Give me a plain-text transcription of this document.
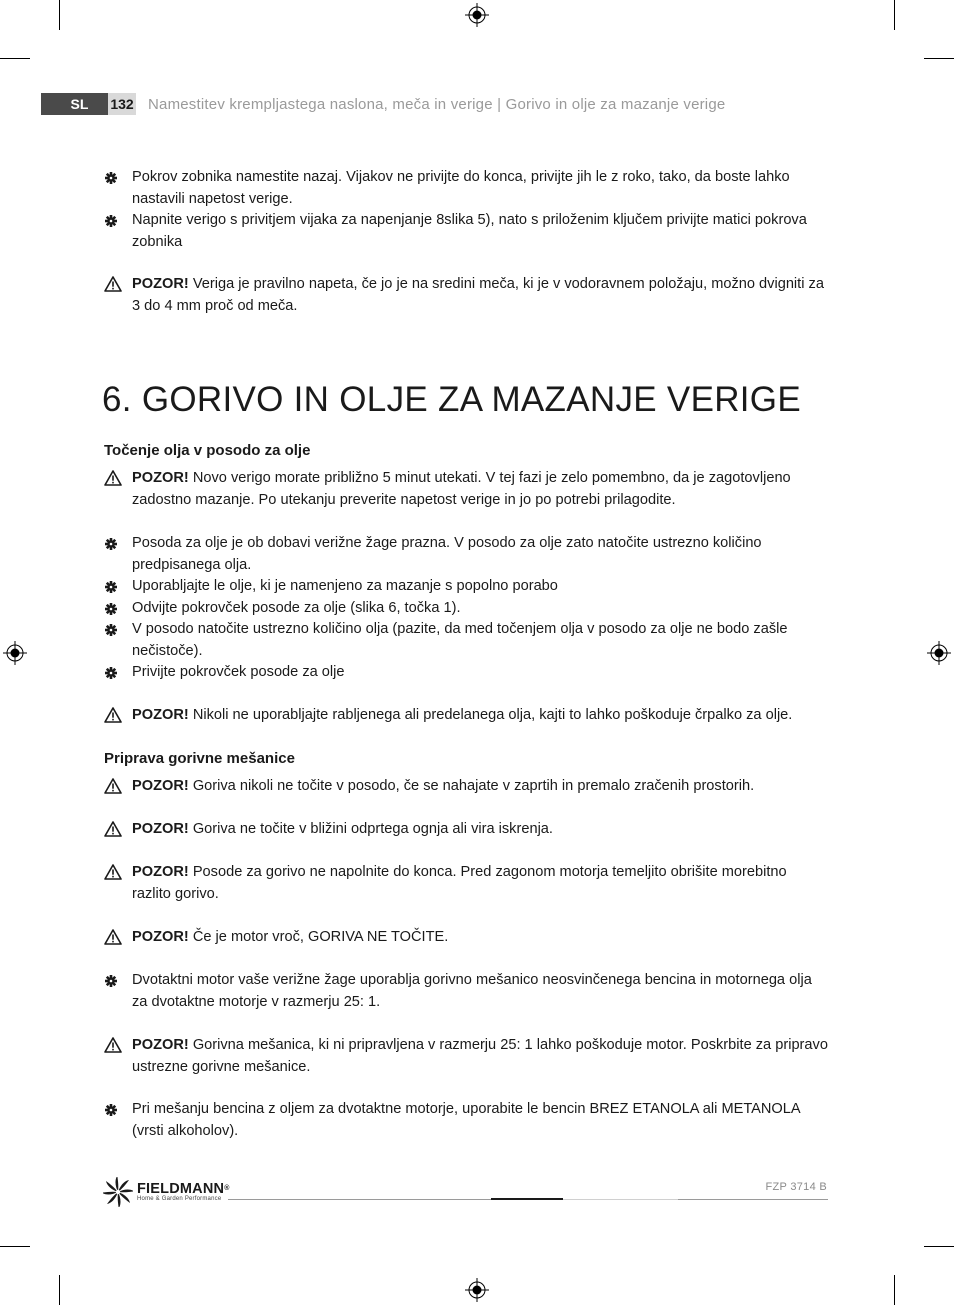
SL	132 Namestitev krempljastega naslona, meča in verige | Gorivo in olje za mazanje verige
Pokrov zobnika namestite nazaj. Vijakov ne privijte do konca, privijte jih le z roko, tako, da boste lahko nastavili napetost verige.
Napnite verigo s privitjem vijaka za napenjanje 8slika 5), nato s priloženim ključem privijte matici pokrova zobnika
POZOR! Veriga je pravilno napeta, če jo je na sredini meča, ki je v vodoravnem položaju, možno dvigniti za 3 do 4 mm proč od meča.
6. GORIVO IN OLJE ZA MAZANJE VERIGE
Točenje olja v posodo za olje
POZOR! Novo verigo morate približno 5 minut utekati. V tej fazi je zelo pomembno, da je zagotovljeno zadostno mazanje. Po utekanju preverite napetost verige in jo po potrebi prilagodite.
Posoda za olje je ob dobavi verižne žage prazna. V posodo za olje zato natočite ustrezno količino predpisanega olja.
Uporabljajte le olje, ki je namenjeno za mazanje s popolno porabo
Odvijte pokrovček posode za olje (slika 6, točka 1).
V posodo natočite ustrezno količino olja (pazite, da med točenjem olja v posodo za olje ne bodo zašle nečistoče).
Privijte pokrovček posode za olje
POZOR! Nikoli ne uporabljajte rabljenega ali predelanega olja, kajti to lahko poškoduje črpalko za olje.
Priprava gorivne mešanice
POZOR! Goriva nikoli ne točite v posodo, če se nahajate v zaprtih in premalo zračenih prostorih.
POZOR! Goriva ne točite v bližini odprtega ognja ali vira iskrenja.
POZOR! Posode za gorivo ne napolnite do konca. Pred zagonom motorja temeljito obrišite morebitno razlito gorivo.
POZOR! Če je motor vroč, GORIVA NE TOČITE.
Dvotaktni motor vaše verižne žage uporablja gorivno mešanico neosvinčenega bencina in motornega olja za dvotaktne motorje v razmerju 25: 1.
POZOR! Gorivna mešanica, ki ni pripravljena v razmerju 25: 1 lahko poškoduje motor. Poskrbite za pripravo ustrezne gorivne mešanice.
Pri mešanju bencina z oljem za dvotaktne motorje, uporabite le bencin BREZ ETANOLA ali METANOLA (vrsti alkoholov).
FIELDMANN®
Home & Garden Performance
FZP 3714 B
